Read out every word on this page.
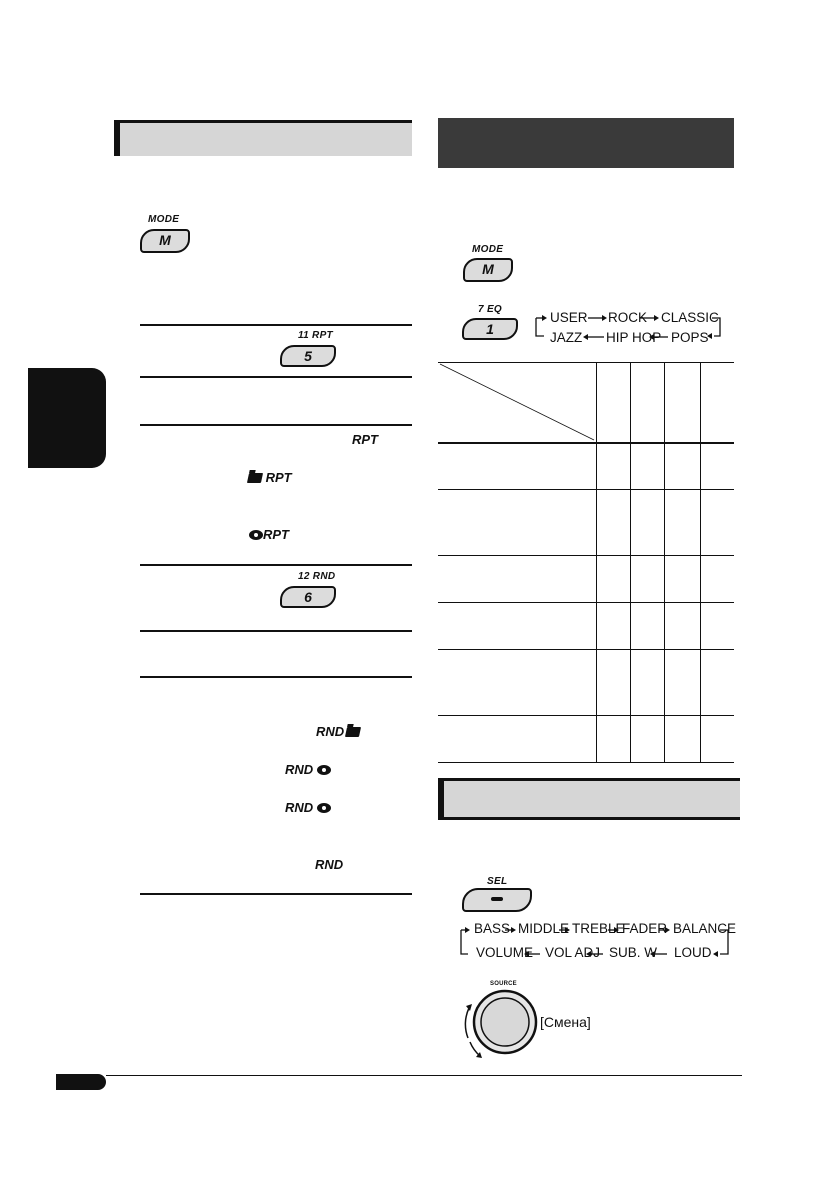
MODE
M
11 RPT
5
RPT
RPT
RPT
12 RND
6
RND
RND
RND
RND
MODE
M
7 EQ
1
USER ROCK CLASSIC
JAZZ HIP HOP POPS
SEL
BASS MIDDLE TREBLE
FADER BALANCE
VOLUME VOL ADJ SUB. W LOUD
SOURCE
[Смена]
